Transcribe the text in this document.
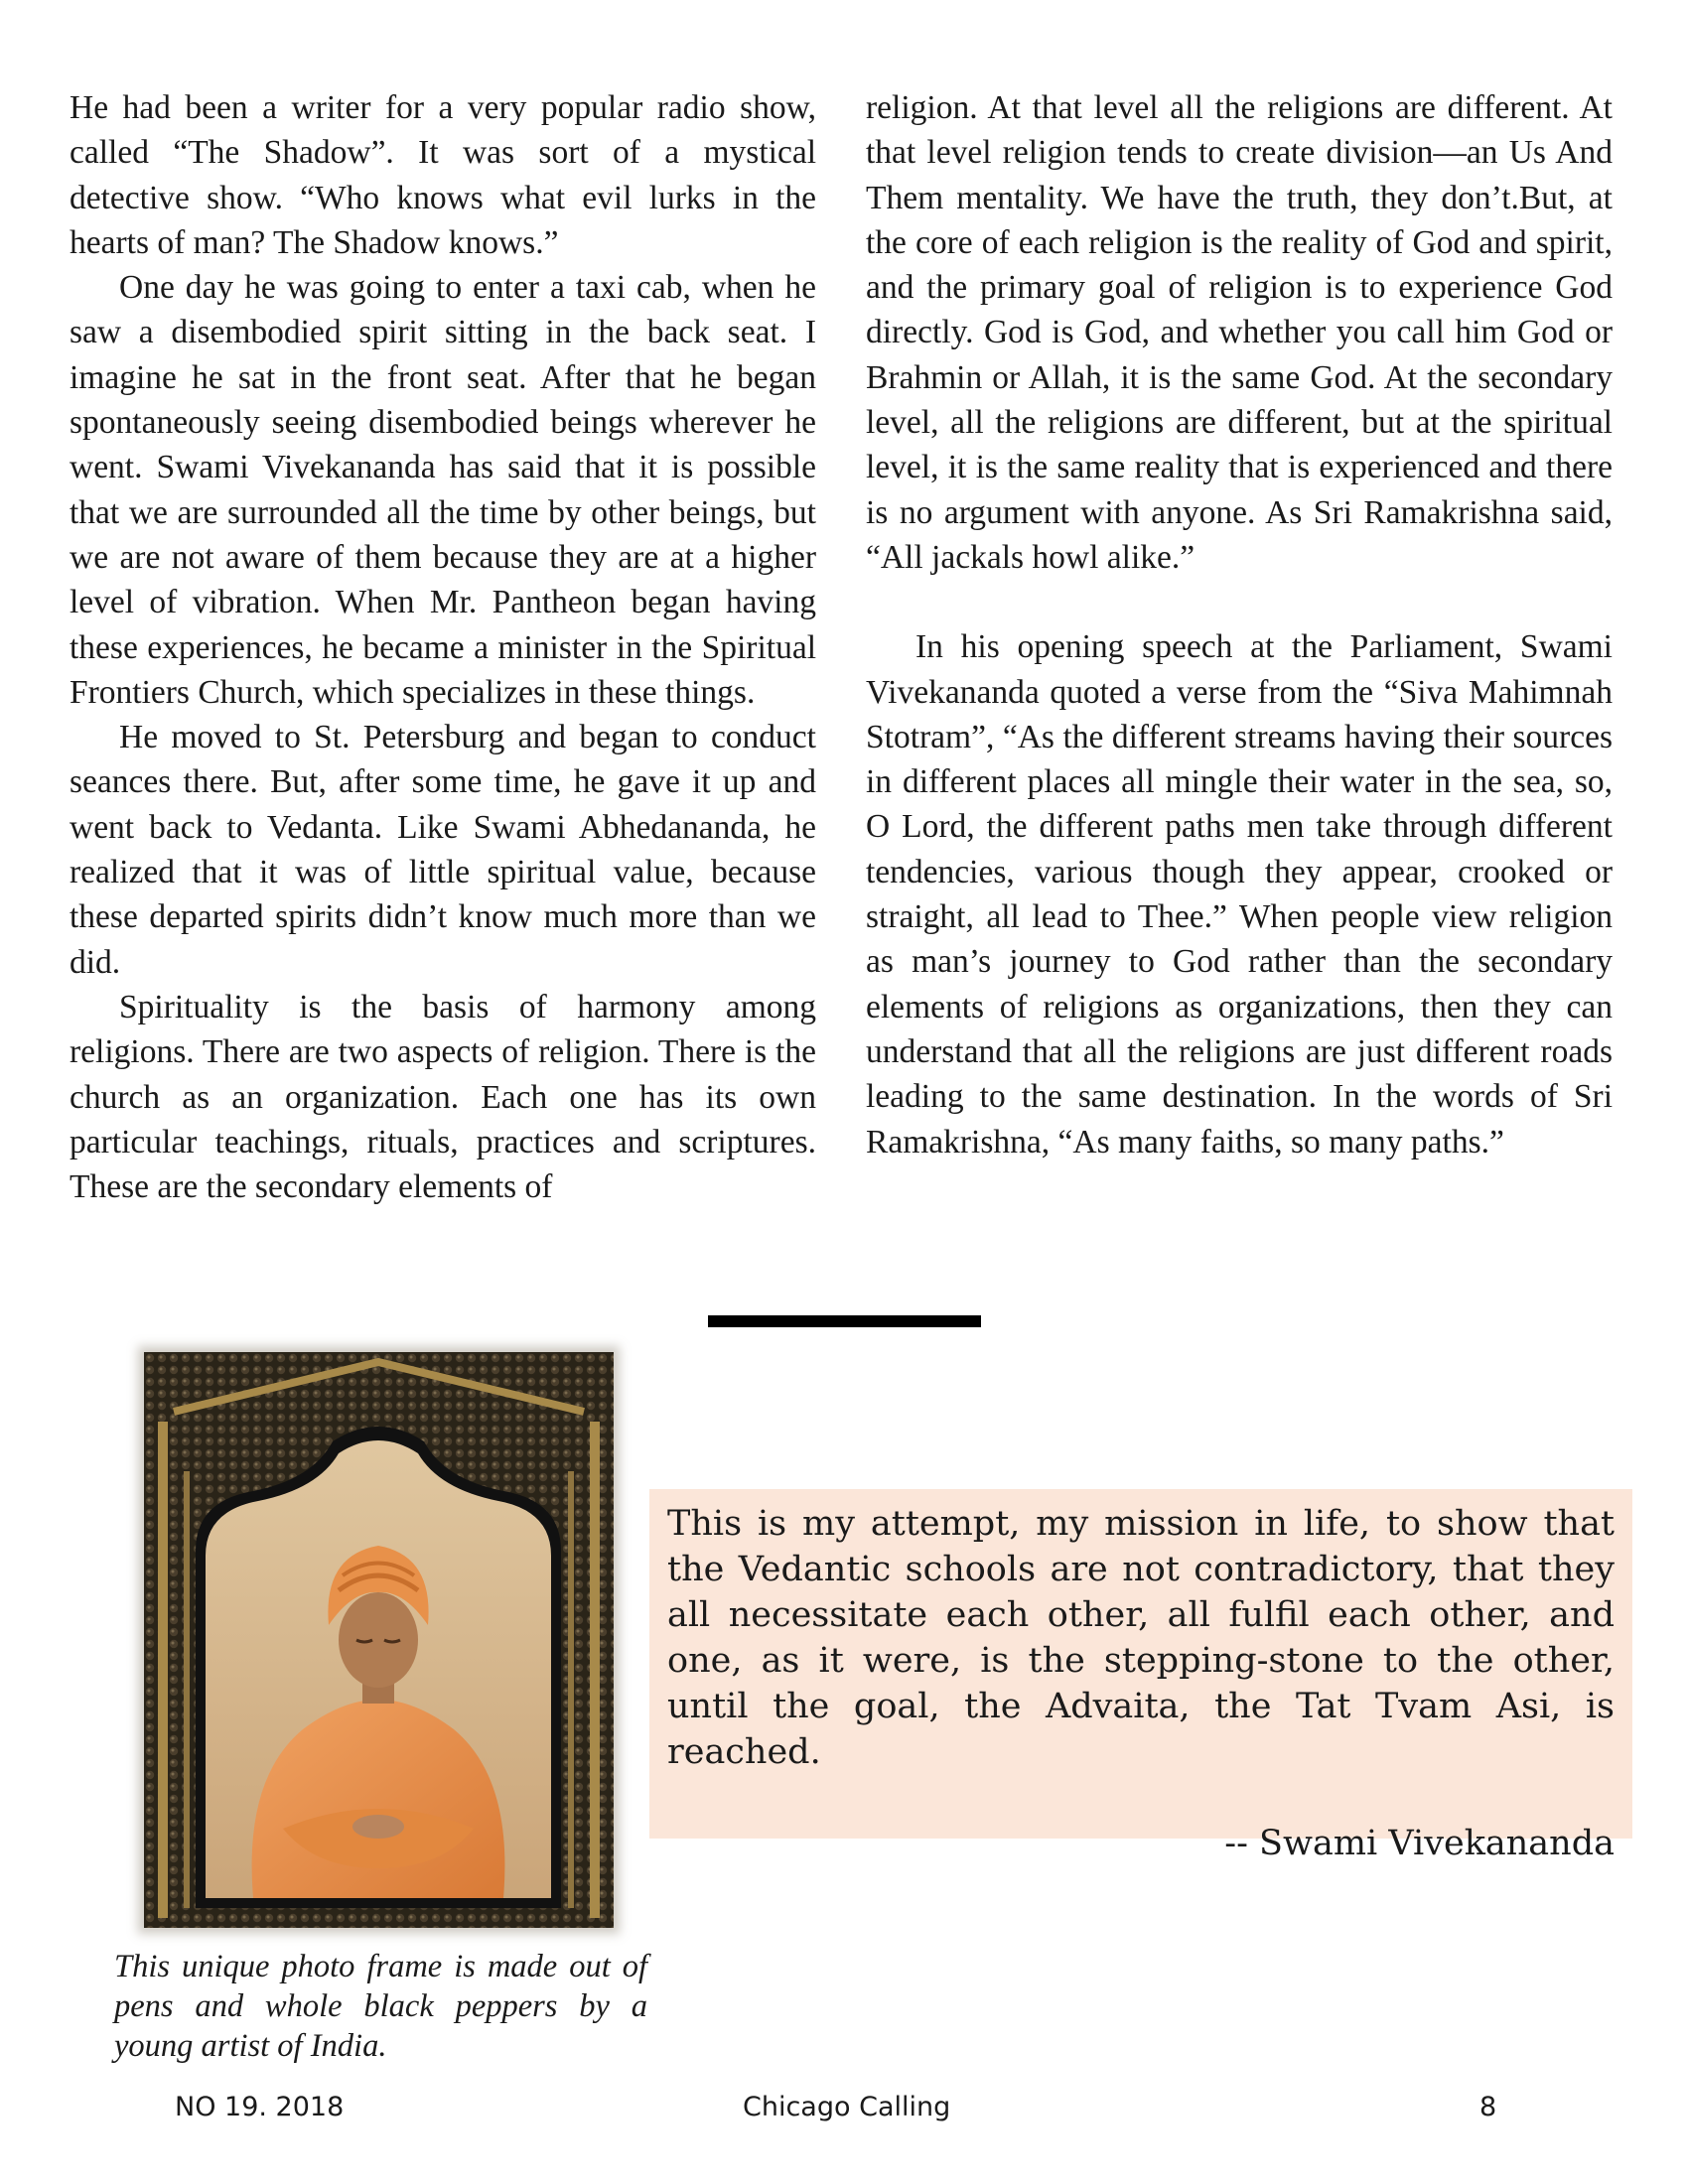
He had been a writer for a very popular radio show, called “The Shadow”. It was sort of a mystical detective show. “Who knows what evil lurks in the hearts of man? The Shadow knows.”

One day he was going to enter a taxi cab, when he saw a disembodied spirit sitting in the back seat. I imagine he sat in the front seat. After that he began spontaneously seeing disembodied beings wherever he went. Swami Vivekananda has said that it is possible that we are surrounded all the time by other beings, but we are not aware of them because they are at a higher level of vibration. When Mr. Pantheon began having these experiences, he became a minister in the Spiritual Frontiers Church, which specializes in these things.

He moved to St. Petersburg and began to conduct seances there. But, after some time, he gave it up and went back to Vedanta. Like Swami Abhedananda, he realized that it was of little spiritual value, because these departed spirits didn’t know much more than we did.

Spirituality is the basis of harmony among religions. There are two aspects of religion. There is the church as an organization. Each one has its own particular teachings, rituals, practices and scriptures. These are the secondary elements of

religion. At that level all the religions are different. At that level religion tends to create division—an Us And Them mentality. We have the truth, they don’t.But, at the core of each religion is the reality of God and spirit, and the primary goal of religion is to experience God directly. God is God, and whether you call him God or Brahmin or Allah, it is the same God. At the secondary level, all the religions are different, but at the spiritual level, it is the same reality that is experienced and there is no argument with anyone. As Sri Ramakrishna said, “All jackals howl alike.”

In his opening speech at the Parliament, Swami Vivekananda quoted a verse from the “Siva Mahimnah Stotram”, “As the different streams having their sources in different places all mingle their water in the sea, so, O Lord, the different paths men take through different tendencies, various though they appear, crooked or straight, all lead to Thee.” When people view religion as man’s journey to God rather than the secondary elements of religions as organizations, then they can understand that all the religions are just different roads leading to the same destination. In the words of Sri Ramakrishna, “As many faiths, so many paths.”

This unique photo frame is made out of pens and whole black peppers by a young artist of India.

This is my attempt, my mission in life, to show that the Vedantic schools are not contradictory, that they all necessitate each other, all fulfil each other, and one, as it were, is the stepping-stone to the other, until the goal, the Advaita, the Tat Tvam Asi, is reached.

-- Swami Vivekananda
NO 19. 2018	Chicago Calling	8
